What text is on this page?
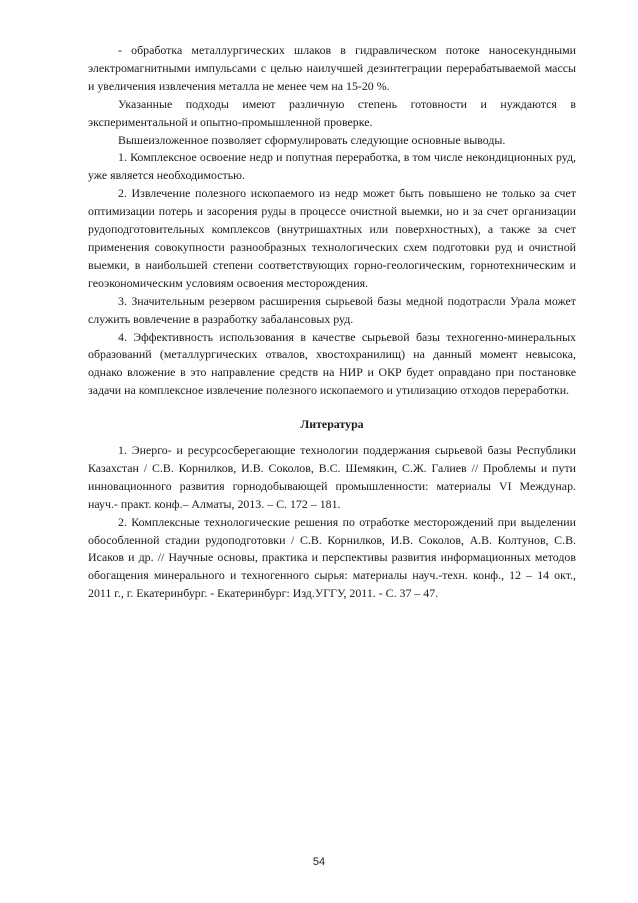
- обработка металлургических шлаков в гидравлическом потоке наносекундными электромагнитными импульсами с целью наилучшей дезинтеграции перерабатываемой массы и увеличения извлечения металла не менее чем на 15-20 %.

Указанные подходы имеют различную степень готовности и нуждаются в экспериментальной и опытно-промышленной проверке.

Вышеизложенное позволяет сформулировать следующие основные выводы.

1. Комплексное освоение недр и попутная переработка, в том числе некондиционных руд, уже является необходимостью.

2. Извлечение полезного ископаемого из недр может быть повышено не только за счет оптимизации потерь и засорения руды в процессе очистной выемки, но и за счет организации рудоподготовительных комплексов (внутришахтных или поверхностных), а также за счет применения совокупности разнообразных технологических схем подготовки руд и очистной выемки, в наибольшей степени соответствующих горно-геологическим, горнотехническим и геоэкономическим условиям освоения месторождения.

3. Значительным резервом расширения сырьевой базы медной подотрасли Урала может служить вовлечение в разработку забалансовых руд.

4. Эффективность использования в качестве сырьевой базы техногенно-минеральных образований (металлургических отвалов, хвостохранилищ) на данный момент невысока, однако вложение в это направление средств на НИР и ОКР будет оправдано при постановке задачи на комплексное извлечение полезного ископаемого и утилизацию отходов переработки.

Литература

1. Энерго- и ресурсосберегающие технологии поддержания сырьевой базы Республики Казахстан / С.В. Корнилков, И.В. Соколов, В.С. Шемякин, С.Ж. Галиев // Проблемы и пути инновационного развития горнодобывающей промышленности: материалы VI Междунар. науч.- практ. конф.– Алматы, 2013. – С. 172 – 181.

2. Комплексные технологические решения по отработке месторождений при выделении обособленной стадии рудоподготовки / С.В. Корнилков, И.В. Соколов, А.В. Колтунов, С.В. Исаков и др. // Научные основы, практика и перспективы развития информационных методов обогащения минерального и техногенного сырья: материалы науч.-техн. конф., 12 – 14 окт., 2011 г., г. Екатеринбург. - Екатеринбург: Изд.УГГУ, 2011. - С. 37 – 47.

54
